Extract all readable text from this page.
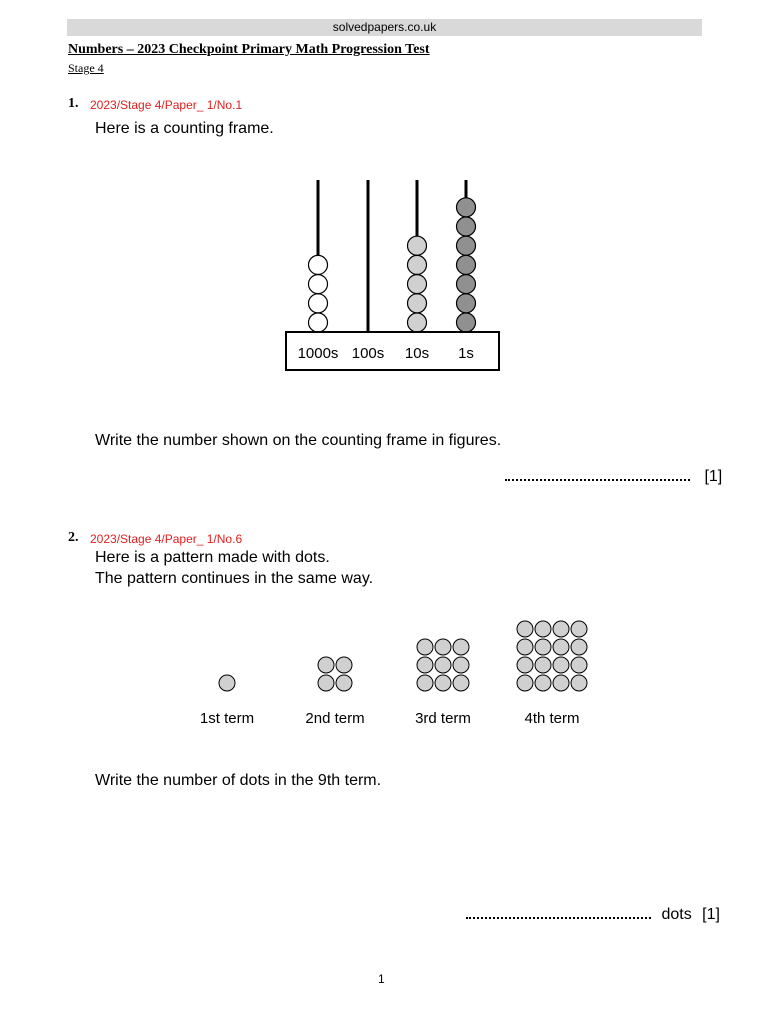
solvedpapers.co.uk
Numbers – 2023 Checkpoint Primary Math Progression Test
Stage 4
1. 2023/Stage 4/Paper_ 1/No.1
Here is a counting frame.
1000s 100s 10s 1s
Write the number shown on the counting frame in figures.
[1]
2. 2023/Stage 4/Paper_ 1/No.6
Here is a pattern made with dots.
The pattern continues in the same way.
1st term	2nd term	3rd term	4th term
Write the number of dots in the 9th term.
dots [1]
1
